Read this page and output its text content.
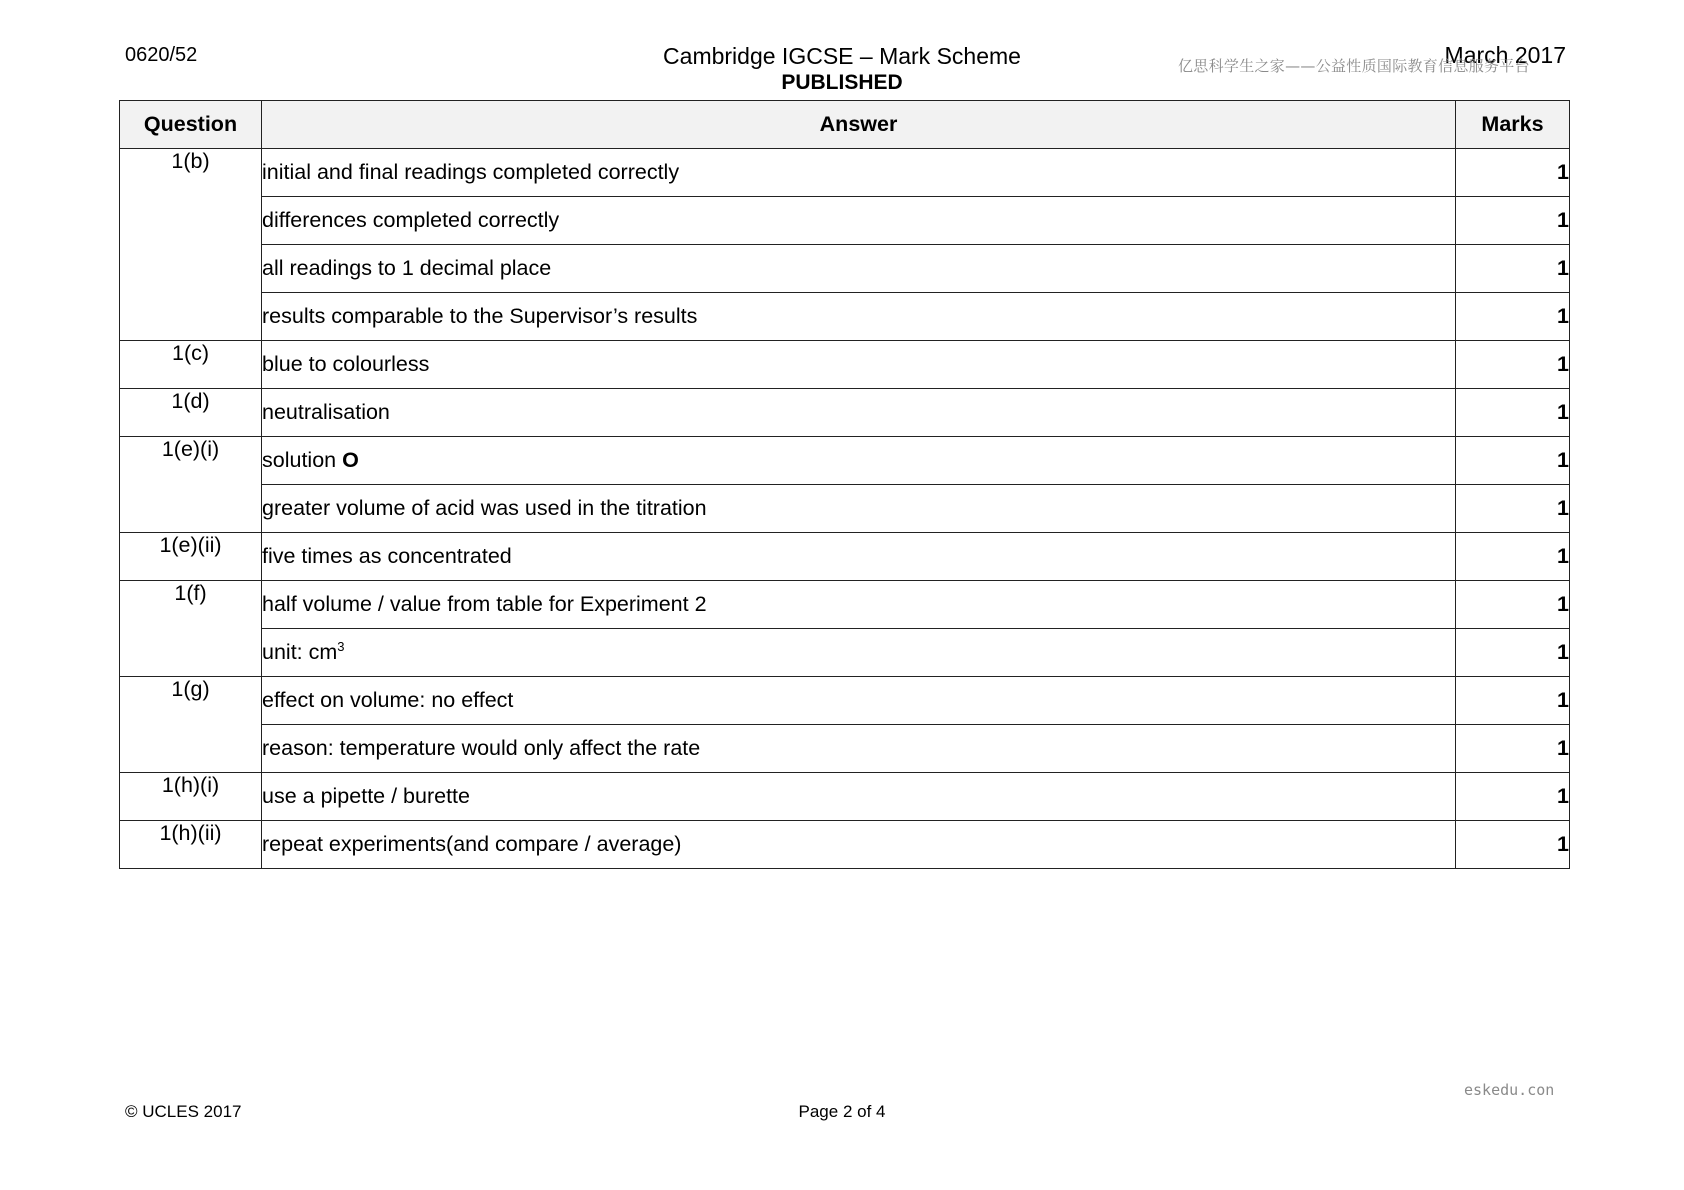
0620/52	Cambridge IGCSE – Mark Scheme
PUBLISHED
March 2017
亿思科学生之家——公益性质国际教育信息服务平台
Question	Answer	Marks
1(b)	initial and final readings completed correctly	1
	differences completed correctly	1
	all readings to 1 decimal place	1
	results comparable to the Supervisor’s results	1
1(c)	blue to colourless	1
1(d)	neutralisation	1
1(e)(i)	solution O	1
	greater volume of acid was used in the titration	1
1(e)(ii)	five times as concentrated	1
1(f)	half volume / value from table for Experiment 2	1
	unit: $cm^3$	1
1(g)	effect on volume: no effect	1
	reason: temperature would only affect the rate	1
1(h)(i)	use a pipette / burette	1
1(h)(ii)	repeat experiments(and compare / average)	1
© UCLES 2017	Page 2 of 4
eskedu.con
